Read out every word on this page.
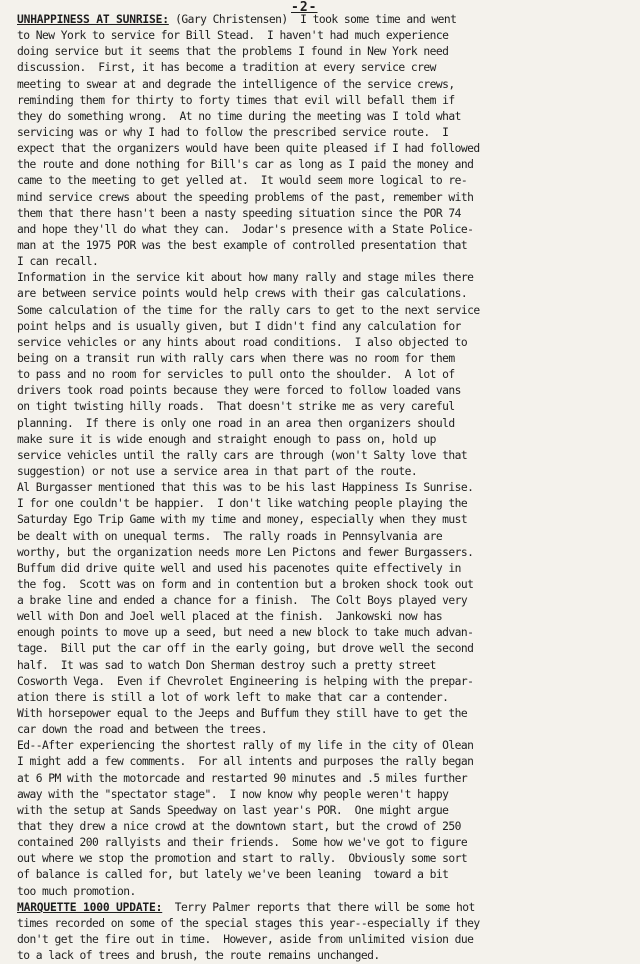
-2-
UNHAPPINESS AT SUNRISE: (Gary Christensen)  I took some time and went
to New York to service for Bill Stead.  I haven't had much experience
doing service but it seems that the problems I found in New York need
discussion.  First, it has become a tradition at every service crew
meeting to swear at and degrade the intelligence of the service crews,
reminding them for thirty to forty times that evil will befall them if
they do something wrong.  At no time during the meeting was I told what
servicing was or why I had to follow the prescribed service route.  I
expect that the organizers would have been quite pleased if I had followed
the route and done nothing for Bill's car as long as I paid the money and
came to the meeting to get yelled at.  It would seem more logical to re-
mind service crews about the speeding problems of the past, remember with
them that there hasn't been a nasty speeding situation since the POR 74
and hope they'll do what they can.  Jodar's presence with a State Police-
man at the 1975 POR was the best example of controlled presentation that
I can recall.
Information in the service kit about how many rally and stage miles there
are between service points would help crews with their gas calculations.
Some calculation of the time for the rally cars to get to the next service
point helps and is usually given, but I didn't find any calculation for
service vehicles or any hints about road conditions.  I also objected to
being on a transit run with rally cars when there was no room for them
to pass and no room for servicles to pull onto the shoulder.  A lot of
drivers took road points because they were forced to follow loaded vans
on tight twisting hilly roads.  That doesn't strike me as very careful
planning.  If there is only one road in an area then organizers should
make sure it is wide enough and straight enough to pass on, hold up
service vehicles until the rally cars are through (won't Salty love that
suggestion) or not use a service area in that part of the route.
Al Burgasser mentioned that this was to be his last Happiness Is Sunrise.
I for one couldn't be happier.  I don't like watching people playing the
Saturday Ego Trip Game with my time and money, especially when they must
be dealt with on unequal terms.  The rally roads in Pennsylvania are
worthy, but the organization needs more Len Pictons and fewer Burgassers.
Buffum did drive quite well and used his pacenotes quite effectively in
the fog.  Scott was on form and in contention but a broken shock took out
a brake line and ended a chance for a finish.  The Colt Boys played very
well with Don and Joel well placed at the finish.  Jankowski now has
enough points to move up a seed, but need a new block to take much advan-
tage.  Bill put the car off in the early going, but drove well the second
half.  It was sad to watch Don Sherman destroy such a pretty street
Cosworth Vega.  Even if Chevrolet Engineering is helping with the prepar-
ation there is still a lot of work left to make that car a contender.
With horsepower equal to the Jeeps and Buffum they still have to get the
car down the road and between the trees.
Ed--After experiencing the shortest rally of my life in the city of Olean
I might add a few comments.  For all intents and purposes the rally began
at 6 PM with the motorcade and restarted 90 minutes and .5 miles further
away with the "spectator stage".  I now know why people weren't happy
with the setup at Sands Speedway on last year's POR.  One might argue
that they drew a nice crowd at the downtown start, but the crowd of 250
contained 200 rallyists and their friends.  Some how we've got to figure
out where we stop the promotion and start to rally.  Obviously some sort
of balance is called for, but lately we've been leaning  toward a bit
too much promotion.
MARQUETTE 1000 UPDATE:  Terry Palmer reports that there will be some hot
times recorded on some of the special stages this year--especially if they
don't get the fire out in time.  However, aside from unlimited vision due
to a lack of trees and brush, the route remains unchanged.
